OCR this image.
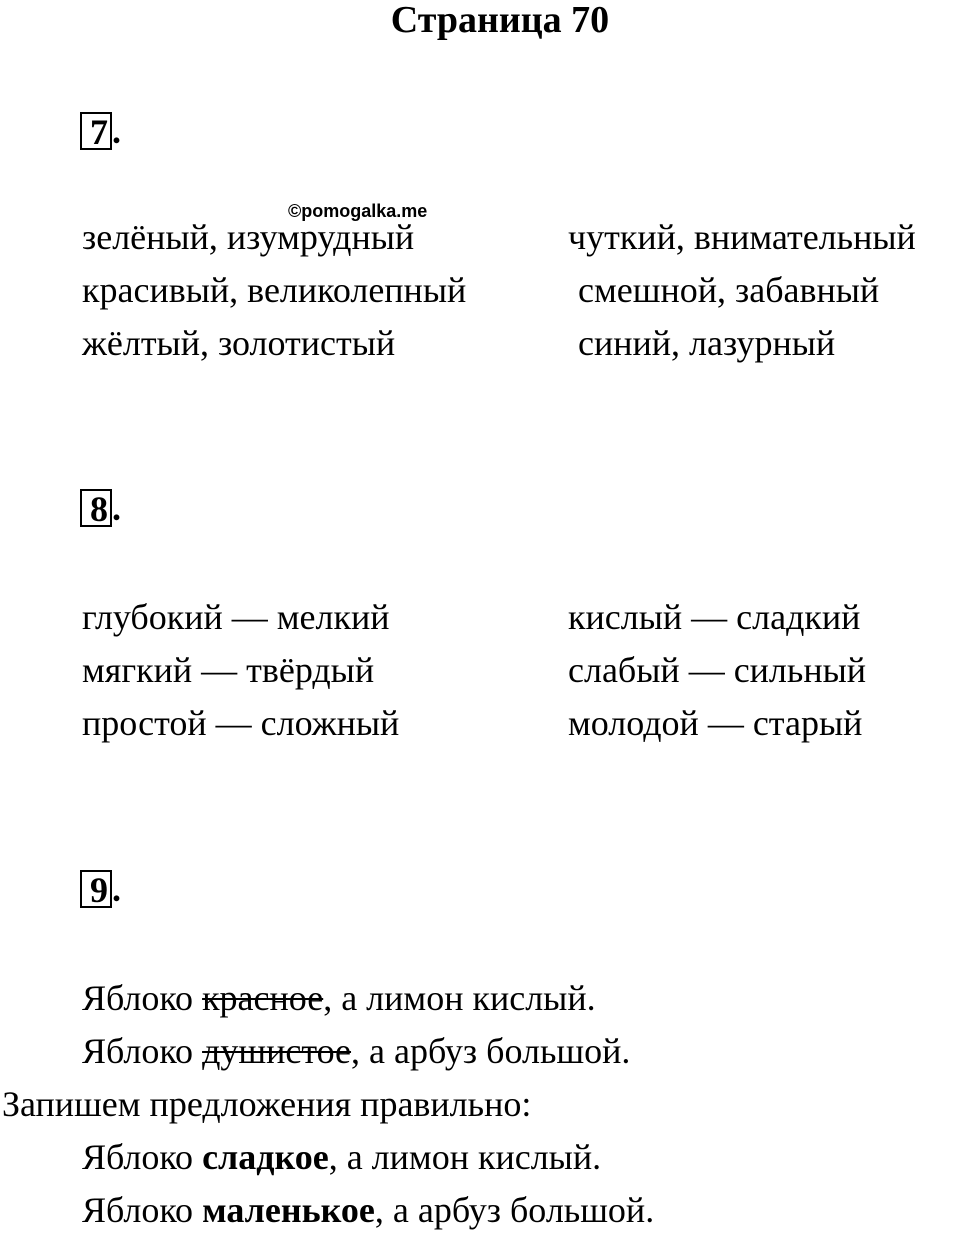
Страница 70
7 .
©pomogalka.me
зелёный, изумрудный
красивый, великолепный
жёлтый, золотистый
чуткий, внимательный
смешной, забавный
синий, лазурный
8 .
глубокий — мелкий
мягкий — твёрдый
простой — сложный
кислый — сладкий
слабый — сильный
молодой — старый
9 .
Яблоко красное, а лимон кислый.
Яблоко душистое, а арбуз большой.
Запишем предложения правильно:
Яблоко сладкое, а лимон кислый.
Яблоко маленькое, а арбуз большой.
